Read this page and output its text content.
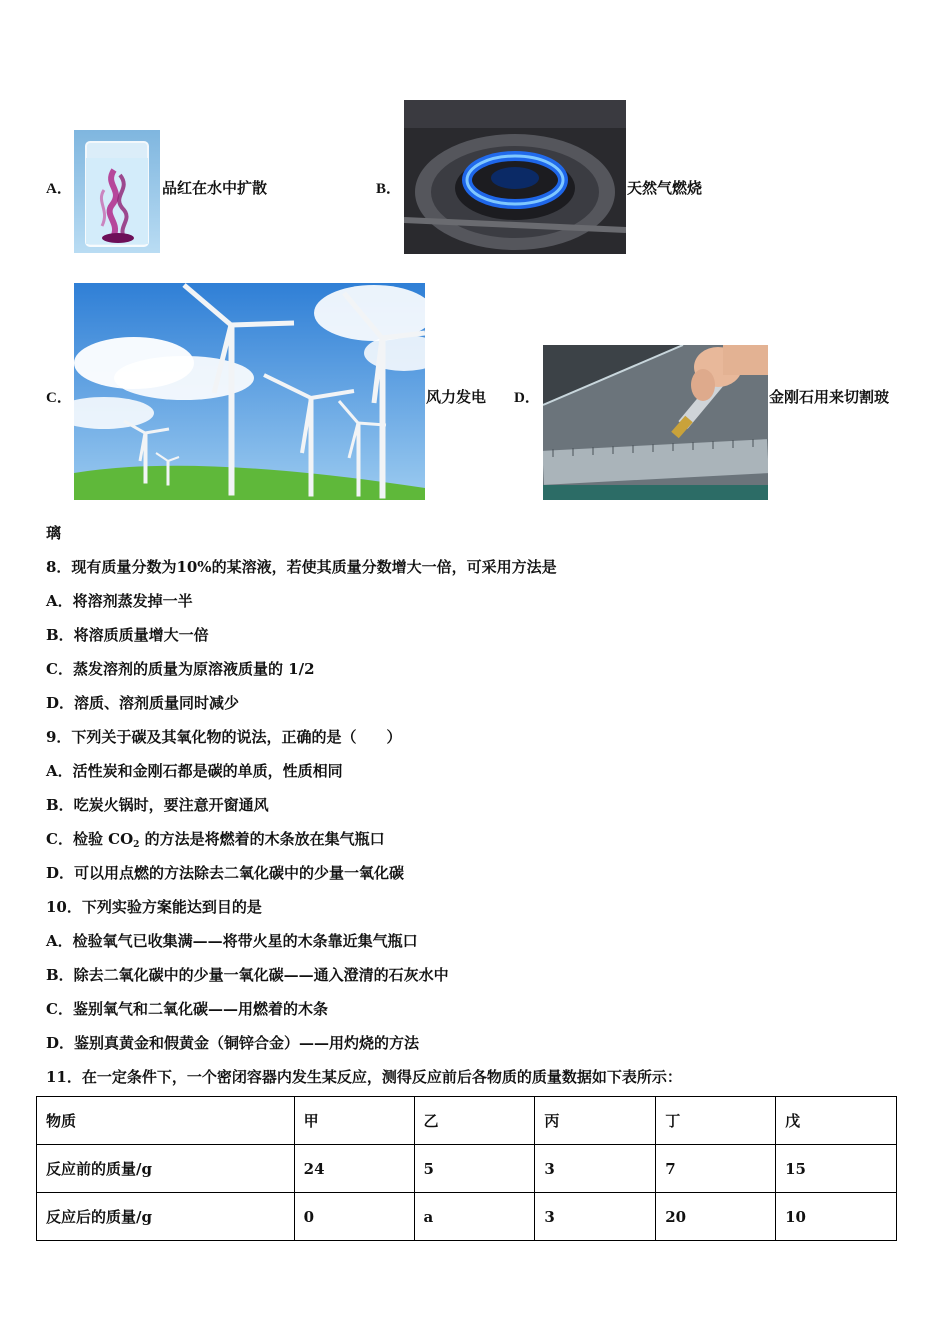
A．	品红在水中扩散	B．	天然气燃烧
C．	风力发电 D．	金刚石用来切割玻
璃
8．现有质量分数为10%的某溶液，若使其质量分数增大一倍，可采用方法是
A．将溶剂蒸发掉一半
B．将溶质质量增大一倍
C．蒸发溶剂的质量为原溶液质量的 1/2
D．溶质、溶剂质量同时减少
9．下列关于碳及其氧化物的说法，正确的是（　　）
A．活性炭和金刚石都是碳的单质，性质相同
B．吃炭火锅时，要注意开窗通风
C．检验 $CO_2$ 的方法是将燃着的木条放在集气瓶口
D．可以用点燃的方法除去二氧化碳中的少量一氧化碳
10．下列实验方案能达到目的是
A．检验氧气已收集满——将带火星的木条靠近集气瓶口
B．除去二氧化碳中的少量一氧化碳——通入澄清的石灰水中
C．鉴别氧气和二氧化碳——用燃着的木条
D．鉴别真黄金和假黄金（铜锌合金）——用灼烧的方法
11．在一定条件下，一个密闭容器内发生某反应，测得反应前后各物质的质量数据如下表所示：
物质	甲	乙	丙	丁	戊
反应前的质量/g	24	5	3	7	15
反应后的质量/g	0	a	3	20	10
